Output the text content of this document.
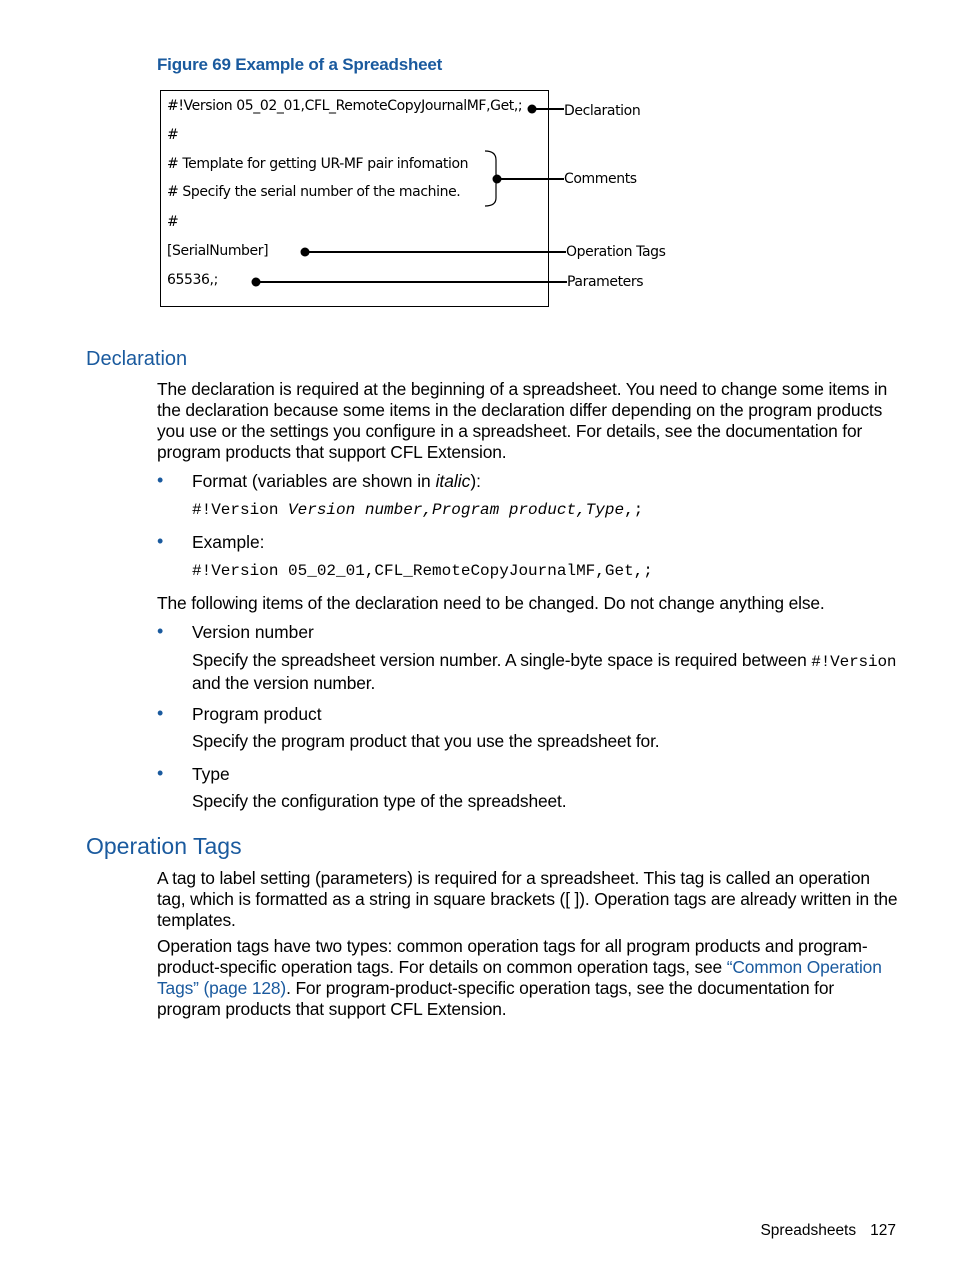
Figure 69 Example of a Spreadsheet
#!Version 05_02_01,CFL_RemoteCopyJournalMF,Get,;
#
# Template for getting UR-MF pair infomation
# Specify the serial number of the machine.
#
[SerialNumber]
65536,;
Declaration
Comments
Operation Tags
Parameters
Declaration

The declaration is required at the beginning of a spreadsheet. You need to change some items in the declaration because some items in the declaration differ depending on the program products you use or the settings you configure in a spreadsheet. For details, see the documentation for program products that support CFL Extension.

• Format (variables are shown in italic):
#!Version Version number,Program product,Type,;
• Example:
#!Version 05_02_01,CFL_RemoteCopyJournalMF,Get,;

The following items of the declaration need to be changed. Do not change anything else.

• Version number

Specify the spreadsheet version number. A single-byte space is required between #!Version and the version number.

• Program product

Specify the program product that you use the spreadsheet for.

• Type

Specify the configuration type of the spreadsheet.

Operation Tags

A tag to label setting (parameters) is required for a spreadsheet. This tag is called an operation tag, which is formatted as a string in square brackets ([ ]). Operation tags are already written in the templates.

Operation tags have two types: common operation tags for all program products and program-product-specific operation tags. For details on common operation tags, see “Common Operation Tags” (page 128). For program-product-specific operation tags, see the documentation for program products that support CFL Extension.

Spreadsheets 127
